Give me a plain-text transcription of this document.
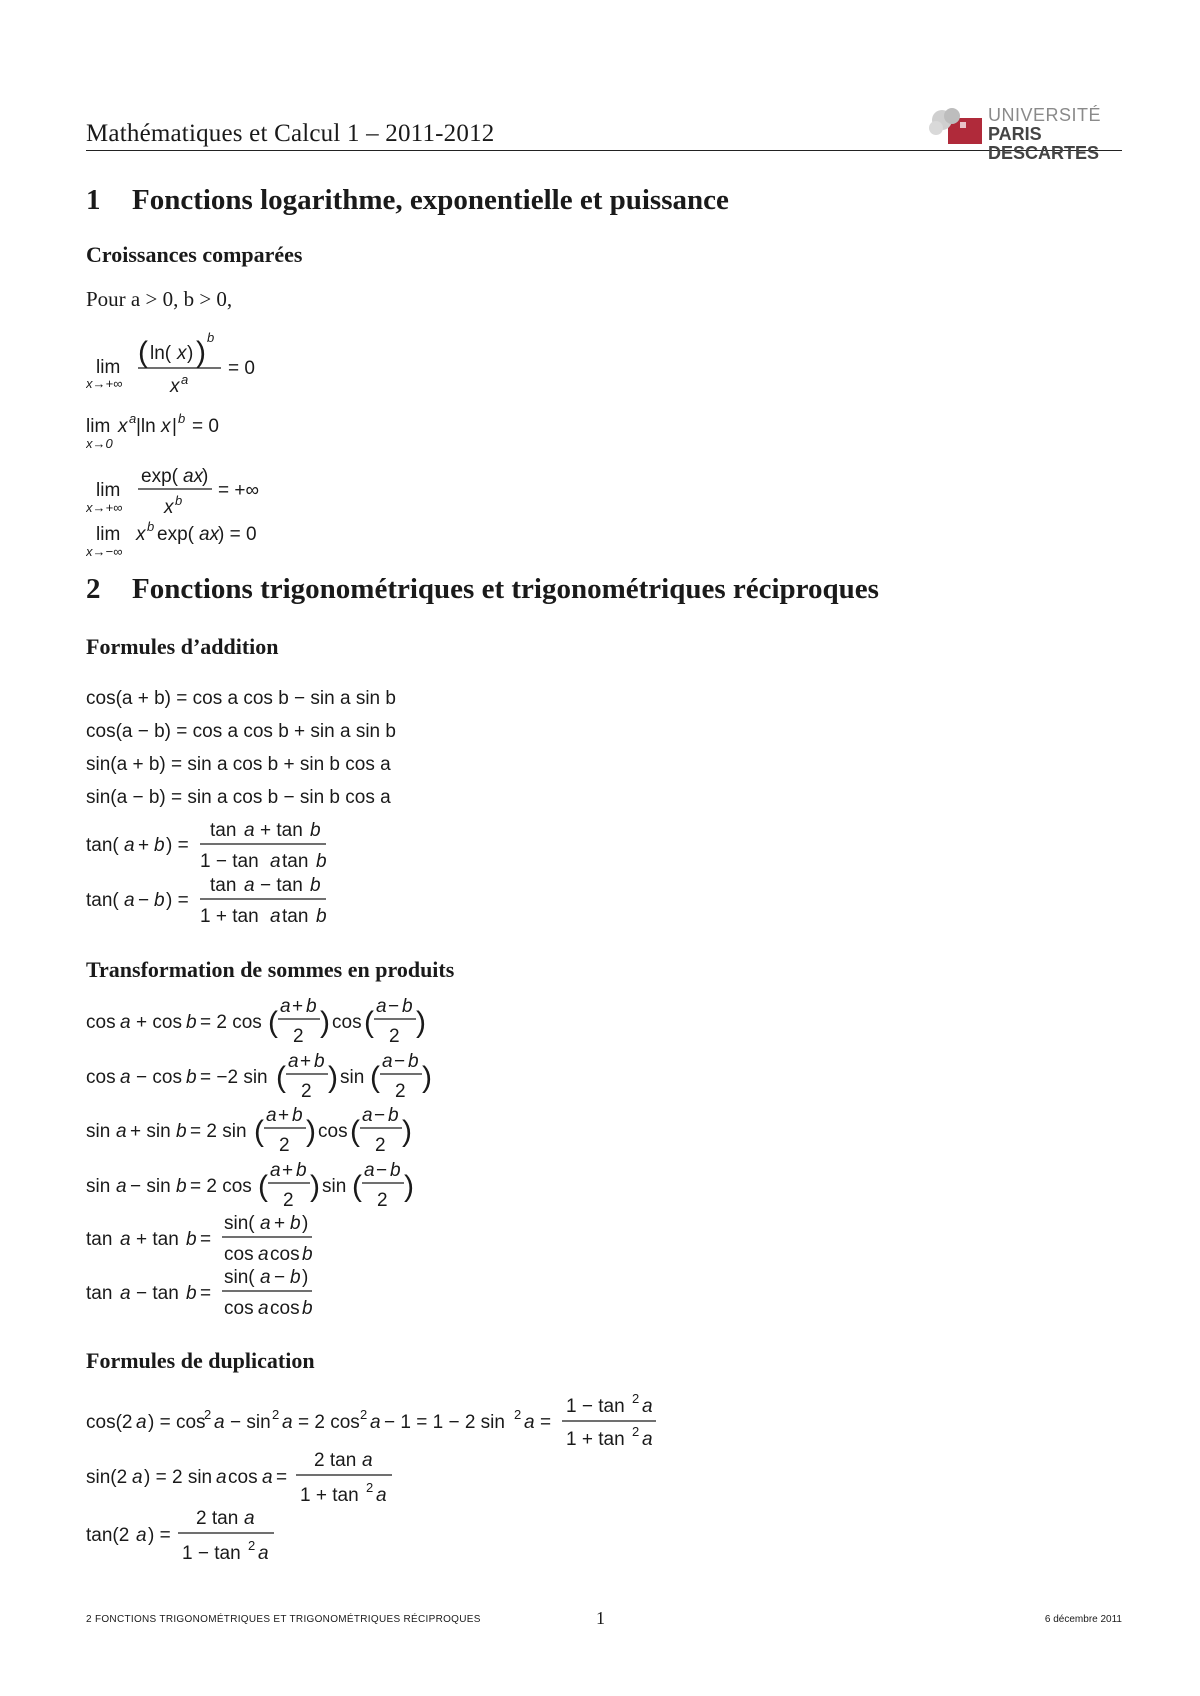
Mathématiques et Calcul 1 – 2011-2012
UNIVERSITÉ
PARIS DESCARTES
1 Fonctions logarithme, exponentielle et puissance
Croissances comparées
Pour a > 0, b > 0,
lim
x→+∞
( ln( x ) ) b
x a
= 0
lim
x→0
x a |ln x | b = 0
lim
x→+∞
exp( ax
)
x b = +∞
lim
x→−∞
x b exp( ax
) = 0
2 Fonctions trigonométriques et trigonométriques réciproques
Formules d’addition
cos(a + b) = cos a cos b − sin a sin b
cos(a − b) = cos a cos b + sin a sin b
sin(a + b) = sin a cos b + sin b cos a
sin(a − b) = sin a cos b − sin b cos a
tan( a + b ) =
tan a + tan b
1 − tan a tan b
tan( a − b ) =
tan a − tan b
1 + tan a tan b
Transformation de sommes en produits
cos a + cos b = 2 cos ( a + b
2 ) cos ( a − b
2 )
cos a − cos b = −2 sin ( a + b
2 ) sin ( a − b
2 )
sin a + sin b = 2 sin ( a + b
2 ) cos ( a − b
2 )
sin a − sin b = 2 cos ( a + b
2 ) sin ( a − b
2 )
tan a + tan b =
sin( a + b )
cos a cos b
tan a − tan b =
sin( a − b )
cos a cos b
Formules de duplication
cos(2 a ) = cos
2 a − sin 2 a = 2 cos 2 a − 1 = 1 − 2 sin 2 a =
1 − tan 2 a
1 + tan 2 a
sin(2 a ) = 2 sin a cos a =
2 tan a
1 + tan 2 a
tan(2 a ) =
2 tan a
1 − tan 2 a
2 FONCTIONS TRIGONOMÉTRIQUES ET TRIGONOMÉTRIQUES RÉCIPROQUES	1	6 décembre 2011
